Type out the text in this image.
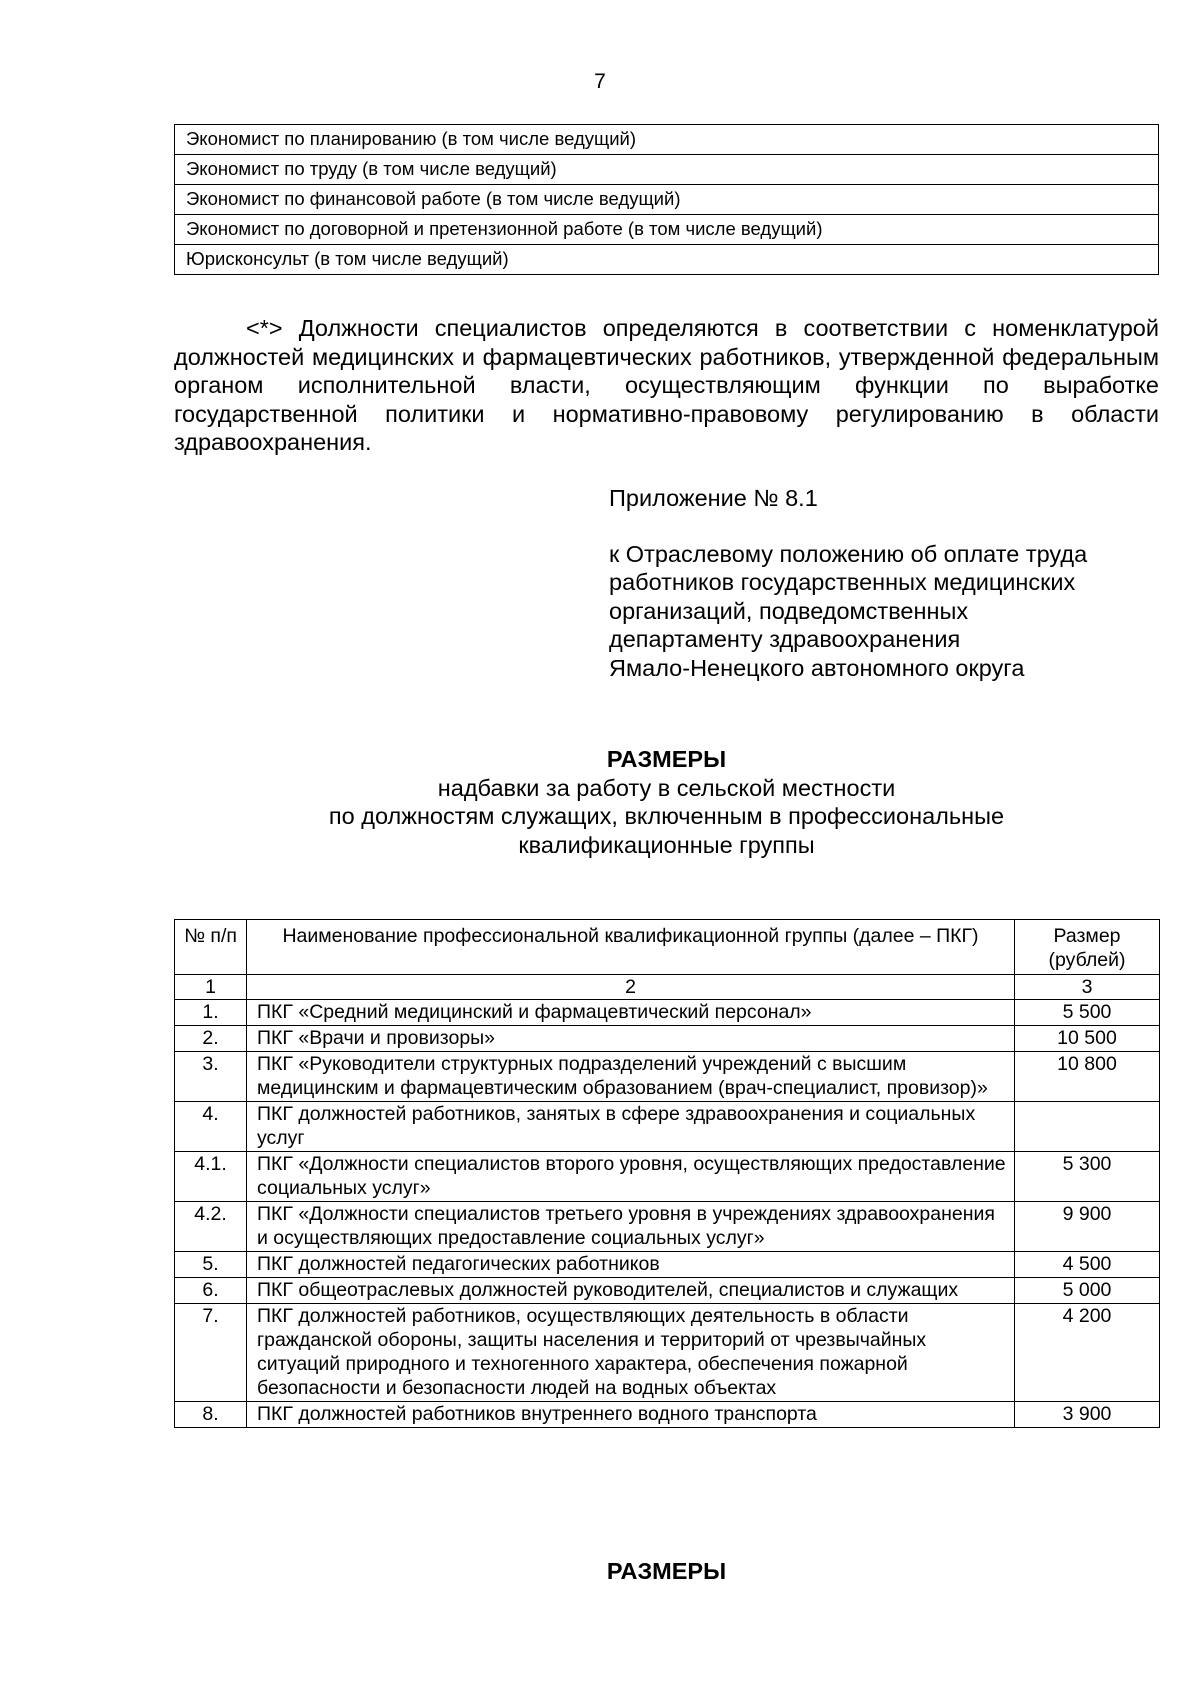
7
Экономист по планированию (в том числе ведущий)
Экономист по труду (в том числе ведущий)
Экономист по финансовой работе (в том числе ведущий)
Экономист по договорной и претензионной работе (в том числе ведущий)
Юрисконсульт (в том числе ведущий)

<*> Должности специалистов определяются в соответствии с номенклатурой должностей медицинских и фармацевтических работников, утвержденной федеральным органом исполнительной власти, осуществляющим функции по выработке государственной политики и нормативно-правовому регулированию в области здравоохранения.

Приложение № 8.1
к Отраслевому положению об оплате труда
работников государственных медицинских
организаций, подведомственных
департаменту здравоохранения
Ямало-Ненецкого автономного округа
РАЗМЕРЫ
надбавки за работу в сельской местности
по должностям служащих, включенным в профессиональные
квалификационные группы
№ п/п	Наименование профессиональной квалификационной группы (далее – ПКГ)	Размер (рублей)
1	2	3
1.	ПКГ «Средний медицинский и фармацевтический персонал»	5 500
2.	ПКГ «Врачи и провизоры»	10 500
3.	ПКГ «Руководители структурных подразделений учреждений с высшим медицинским и фармацевтическим образованием (врач-специалист, провизор)»	10 800
4.	ПКГ должностей работников, занятых в сфере здравоохранения и социальных услуг	
4.1.	ПКГ «Должности специалистов второго уровня, осуществляющих предоставление социальных услуг»	5 300
4.2.	ПКГ «Должности специалистов третьего уровня в учреждениях здравоохранения и осуществляющих предоставление социальных услуг»	9 900
5.	ПКГ должностей педагогических работников	4 500
6.	ПКГ общеотраслевых должностей руководителей, специалистов и служащих	5 000
7.	ПКГ должностей работников, осуществляющих деятельность в области гражданской обороны, защиты населения и территорий от чрезвычайных ситуаций природного и техногенного характера, обеспечения пожарной безопасности и безопасности людей на водных объектах	4 200
8.	ПКГ должностей работников внутреннего водного транспорта	3 900
РАЗМЕРЫ
